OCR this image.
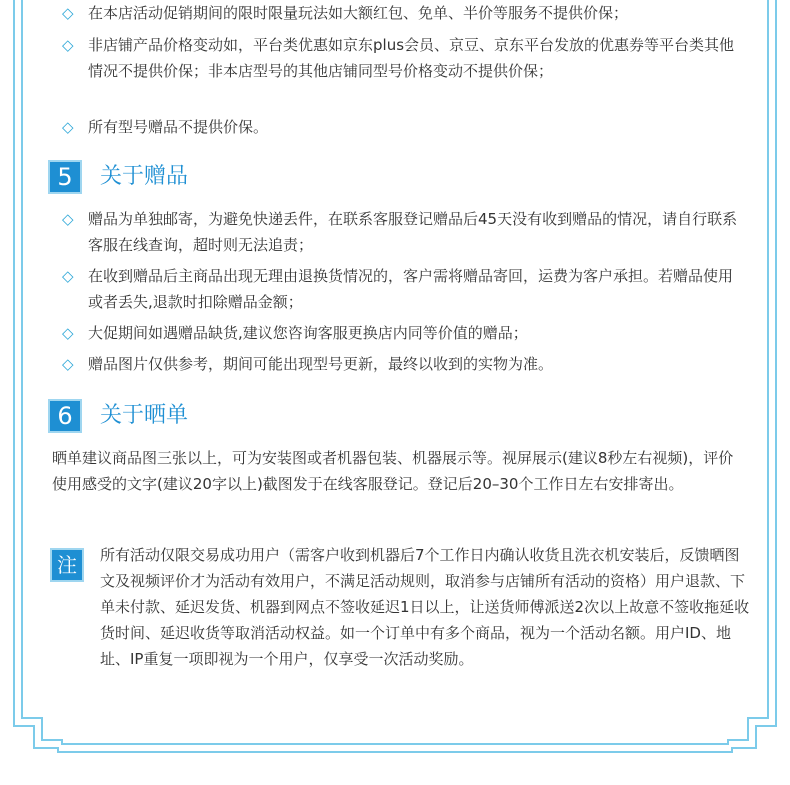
◇ 在本店活动促销期间的限时限量玩法如大额红包、免单、半价等服务不提供价保；
◇ 非店铺产品价格变动如，平台类优惠如京东plus会员、京豆、京东平台发放的优惠券等平台类其他情况不提供价保；非本店型号的其他店铺同型号价格变动不提供价保；
◇ 所有型号赠品不提供价保。
5	关于赠品
◇ 赠品为单独邮寄，为避免快递丢件，在联系客服登记赠品后45天没有收到赠品的情况，请自行联系客服在线查询，超时则无法追责；
◇ 在收到赠品后主商品出现无理由退换货情况的，客户需将赠品寄回，运费为客户承担。若赠品使用或者丢失,退款时扣除赠品金额；
◇ 大促期间如遇赠品缺货,建议您咨询客服更换店内同等价值的赠品；
◇ 赠品图片仅供参考，期间可能出现型号更新，最终以收到的实物为准。
6	关于晒单
晒单建议商品图三张以上，可为安装图或者机器包装、机器展示等。视屏展示(建议8秒左右视频)，评价使用感受的文字(建议20字以上)截图发于在线客服登记。登记后20–30个工作日左右安排寄出。
注	所有活动仅限交易成功用户（需客户收到机器后7个工作日内确认收货且洗衣机安装后，反馈晒图文及视频评价才为活动有效用户，不满足活动规则，取消参与店铺所有活动的资格）用户退款、下单未付款、延迟发货、机器到网点不签收延迟1日以上，让送货师傅派送2次以上故意不签收拖延收货时间、延迟收货等取消活动权益。如一个订单中有多个商品，视为一个活动名额。用户ID、地址、IP重复一项即视为一个用户，仅享受一次活动奖励。
